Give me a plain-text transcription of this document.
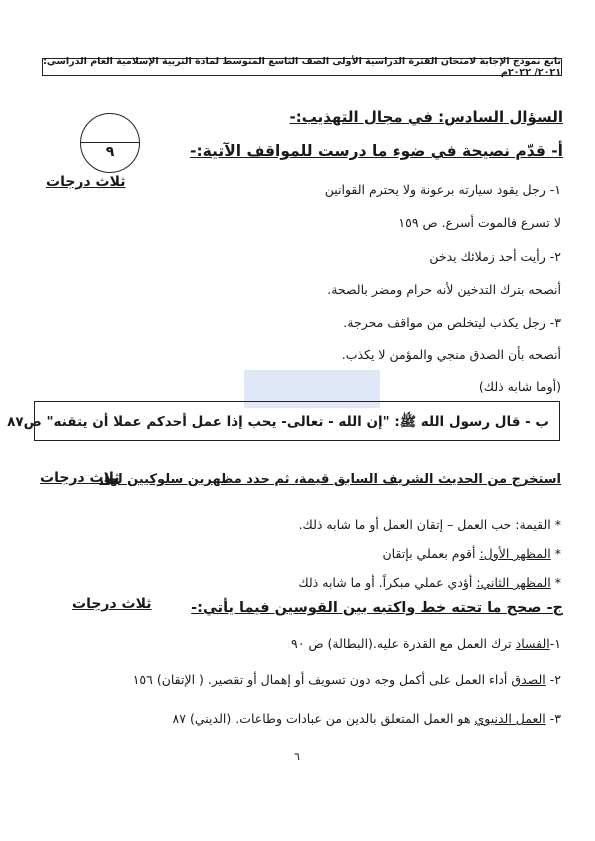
تابع نموذج الإجابة لامتحان الفترة الدراسية الأولى الصف التاسع المتوسط لمادة التربية الإسلامية العام الدراسي: ٢٠٢١/ ٢٠٢٢م
٩
السؤال السادس: في مجال التهذيب:-
أ- قدّم نصيحة في ضوء ما درست للمواقف الآتية:-
ثلاث درجات	١- رجل يقود سيارته برعونة ولا يحترم القوانين
لا تسرع فالموت أسرع. ص ١٥٩
٢- رأيت أحد زملائك يدخن
أنصحه بترك التدخين لأنه حرام ومضر بالصحة.
٣- رجل يكذب ليتخلص من مواقف محرجة.
أنصحه بأن الصدق منجي والمؤمن لا يكذب.
(أوما شابه ذلك)
ب - قال رسول الله ﷺ: "إن الله - تعالى- يحب إذا عمل أحدكم عملا أن يتقنه" ص٨٧
استخرج من الحديث الشريف السابق قيمة، ثم حدد مظهرين سلوكيين لها.
ثلاث درجات
* القيمة: حب العمل – إتقان العمل أو ما شابه ذلك.
* المظهر الأول: أقوم بعملي بإتقان
* المظهر الثاني: أؤدي عملي مبكراً. أو ما شابه ذلك
ج- صحح ما تحته خط واكتبه بين القوسين فيما يأتي:-
ثلاث درجات
١-الفساد ترك العمل مع القدرة عليه.(البطالة) ص ٩٠
٢- الصدق أداء العمل على أكمل وجه دون تسويف أو إهمال أو تقصير. ( الإتقان) ١٥٦
٣- العمل الدنيوي هو العمل المتعلق بالدين من عبادات وطاعات. (الديني) ٨٧
٦
